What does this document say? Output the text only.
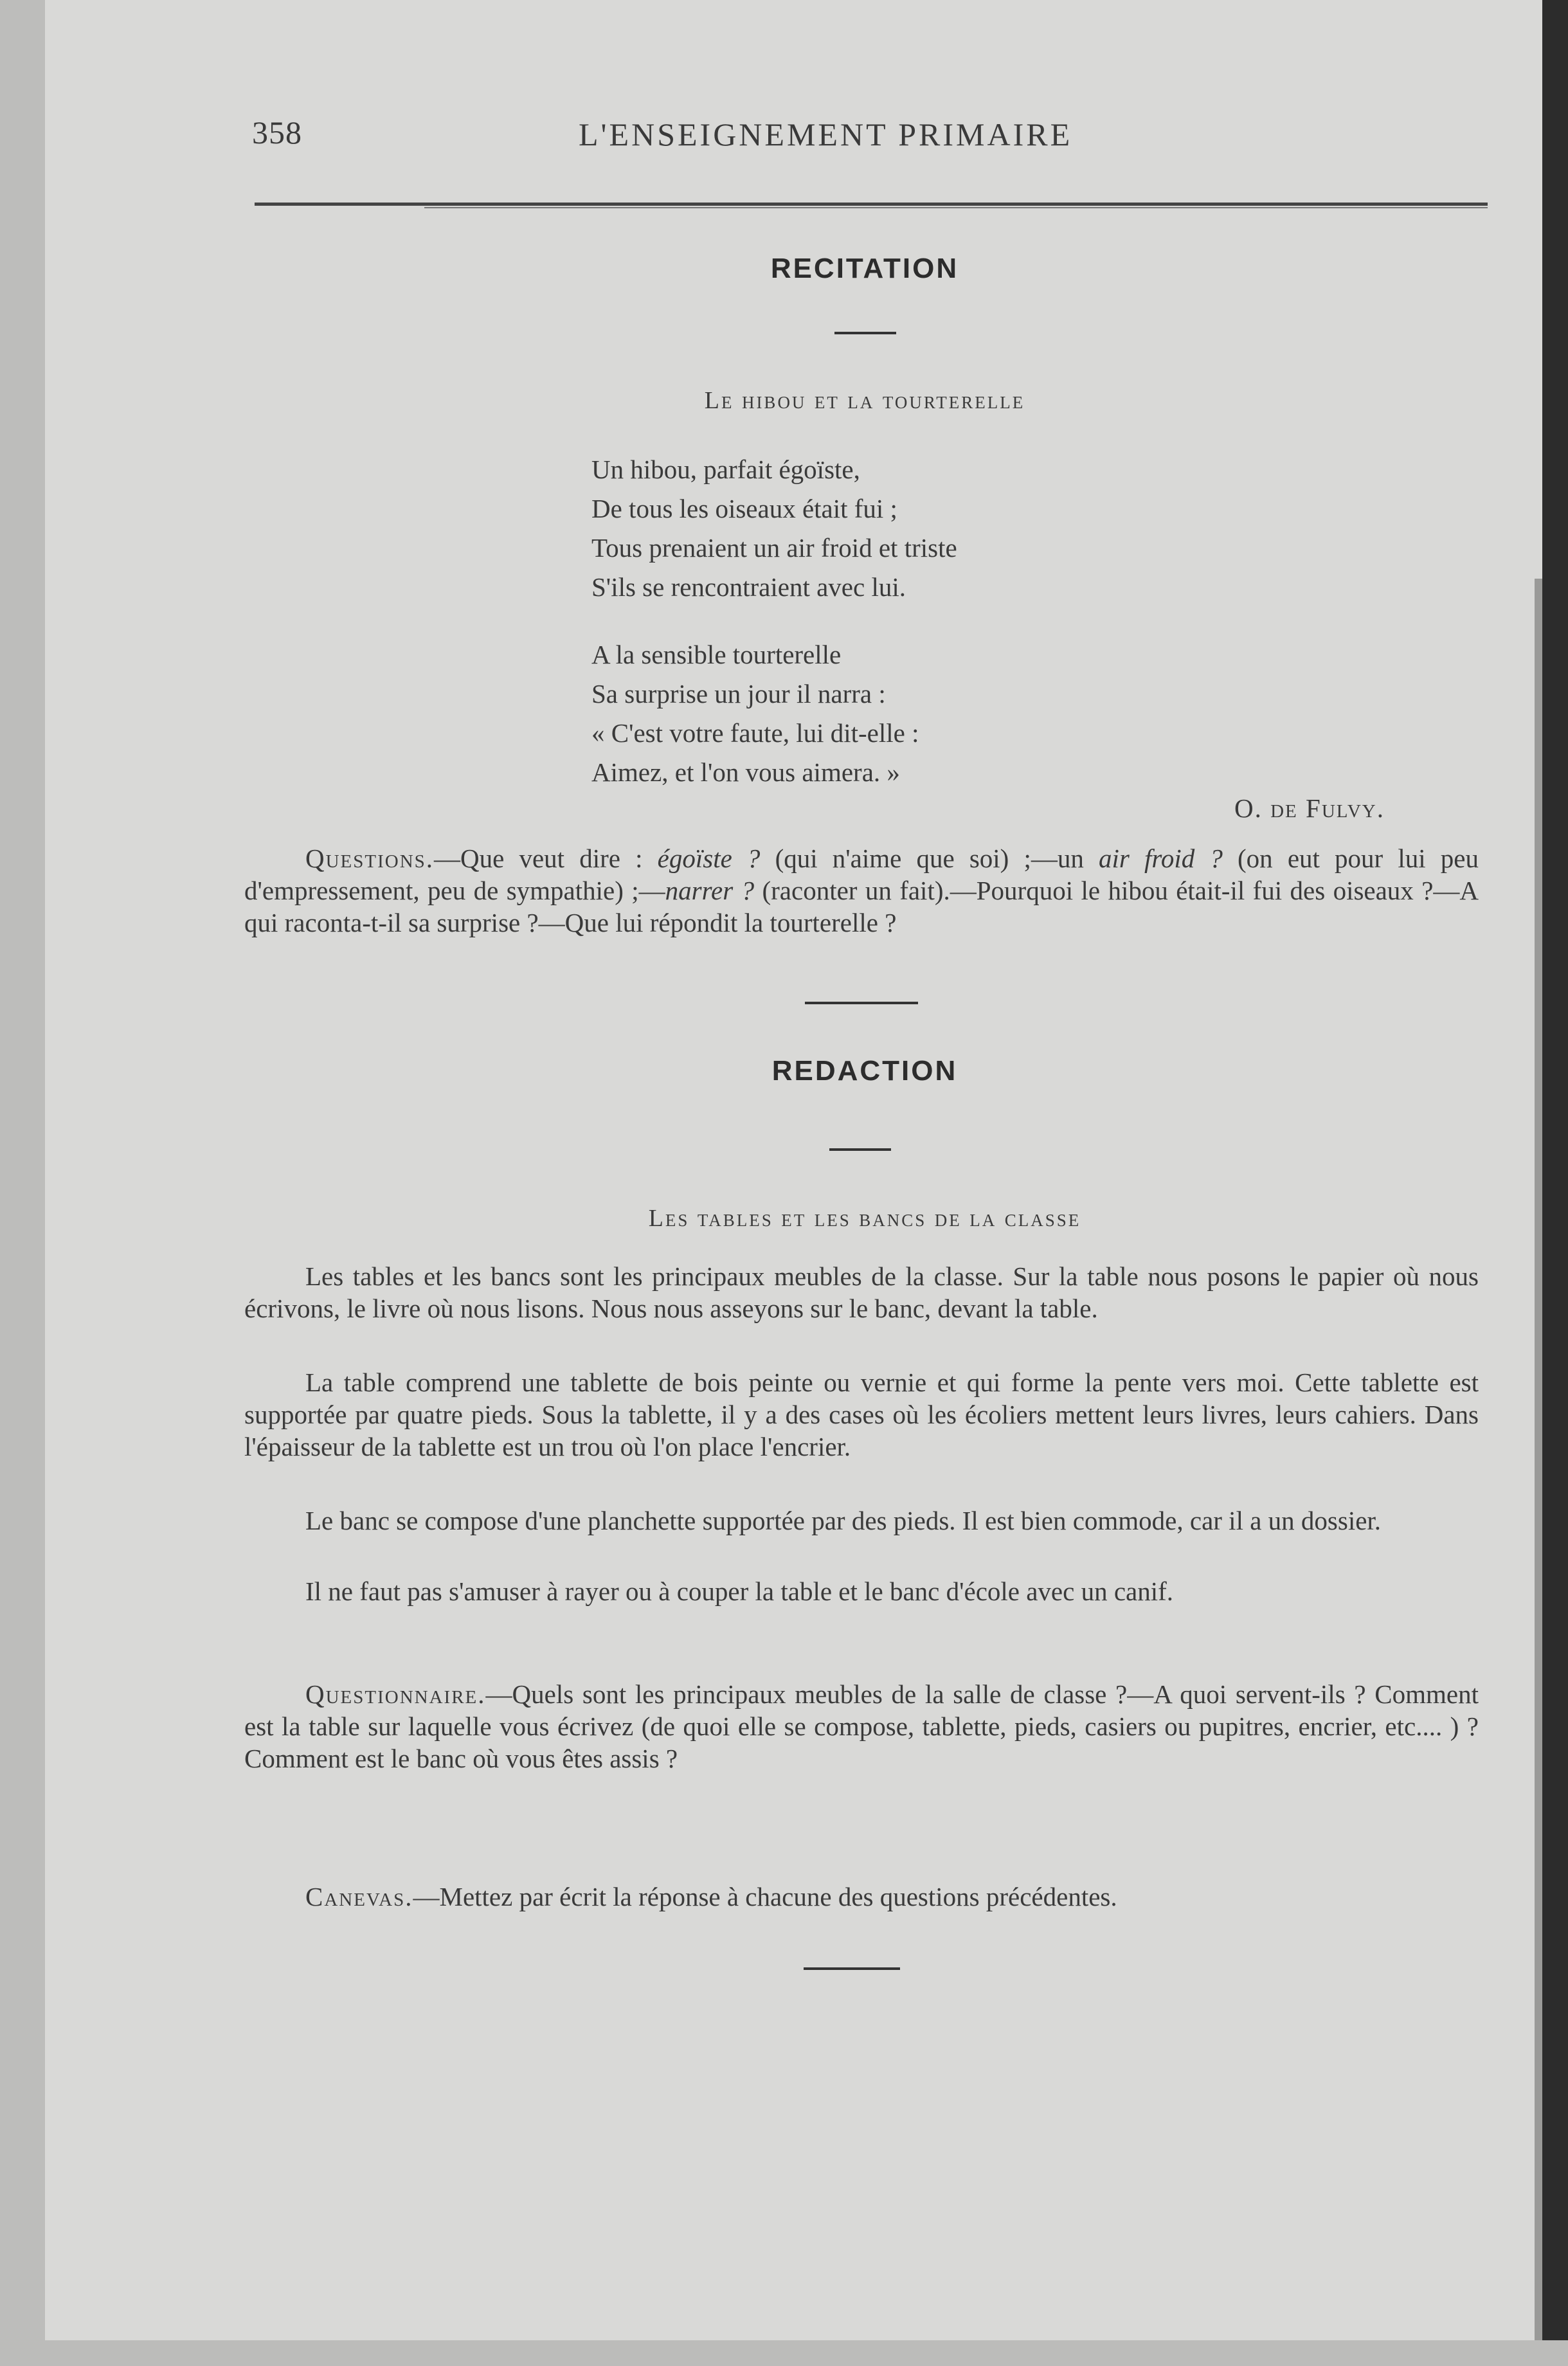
358	L'ENSEIGNEMENT PRIMAIRE
RECITATION
Le hibou et la tourterelle
Un hibou, parfait égoïste,
De tous les oiseaux était fui ;
Tous prenaient un air froid et triste
S'ils se rencontraient avec lui.
A la sensible tourterelle
Sa surprise un jour il narra :
« C'est votre faute, lui dit-elle :
Aimez, et l'on vous aimera. »
O. de Fulvy.
Questions.—Que veut dire : égoïste ? (qui n'aime que soi) ;—un air froid ? (on eut pour lui peu d'empressement, peu de sympathie) ;—narrer ? (raconter un fait).—Pourquoi le hibou était-il fui des oiseaux ?—A qui raconta-t-il sa surprise ?—Que lui répondit la tourterelle ?
REDACTION
Les tables et les bancs de la classe
Les tables et les bancs sont les principaux meubles de la classe. Sur la table nous posons le papier où nous écrivons, le livre où nous lisons. Nous nous asseyons sur le banc, devant la table.
La table comprend une tablette de bois peinte ou vernie et qui forme la pente vers moi. Cette tablette est supportée par quatre pieds. Sous la tablette, il y a des cases où les écoliers mettent leurs livres, leurs cahiers. Dans l'épaisseur de la tablette est un trou où l'on place l'encrier.
Le banc se compose d'une planchette supportée par des pieds. Il est bien commode, car il a un dossier.
Il ne faut pas s'amuser à rayer ou à couper la table et le banc d'école avec un canif.
Questionnaire.—Quels sont les principaux meubles de la salle de classe ?—A quoi servent-ils ? Comment est la table sur laquelle vous écrivez (de quoi elle se compose, tablette, pieds, casiers ou pupitres, encrier, etc.... ) ? Comment est le banc où vous êtes assis ?
Canevas.—Mettez par écrit la réponse à chacune des questions précédentes.
